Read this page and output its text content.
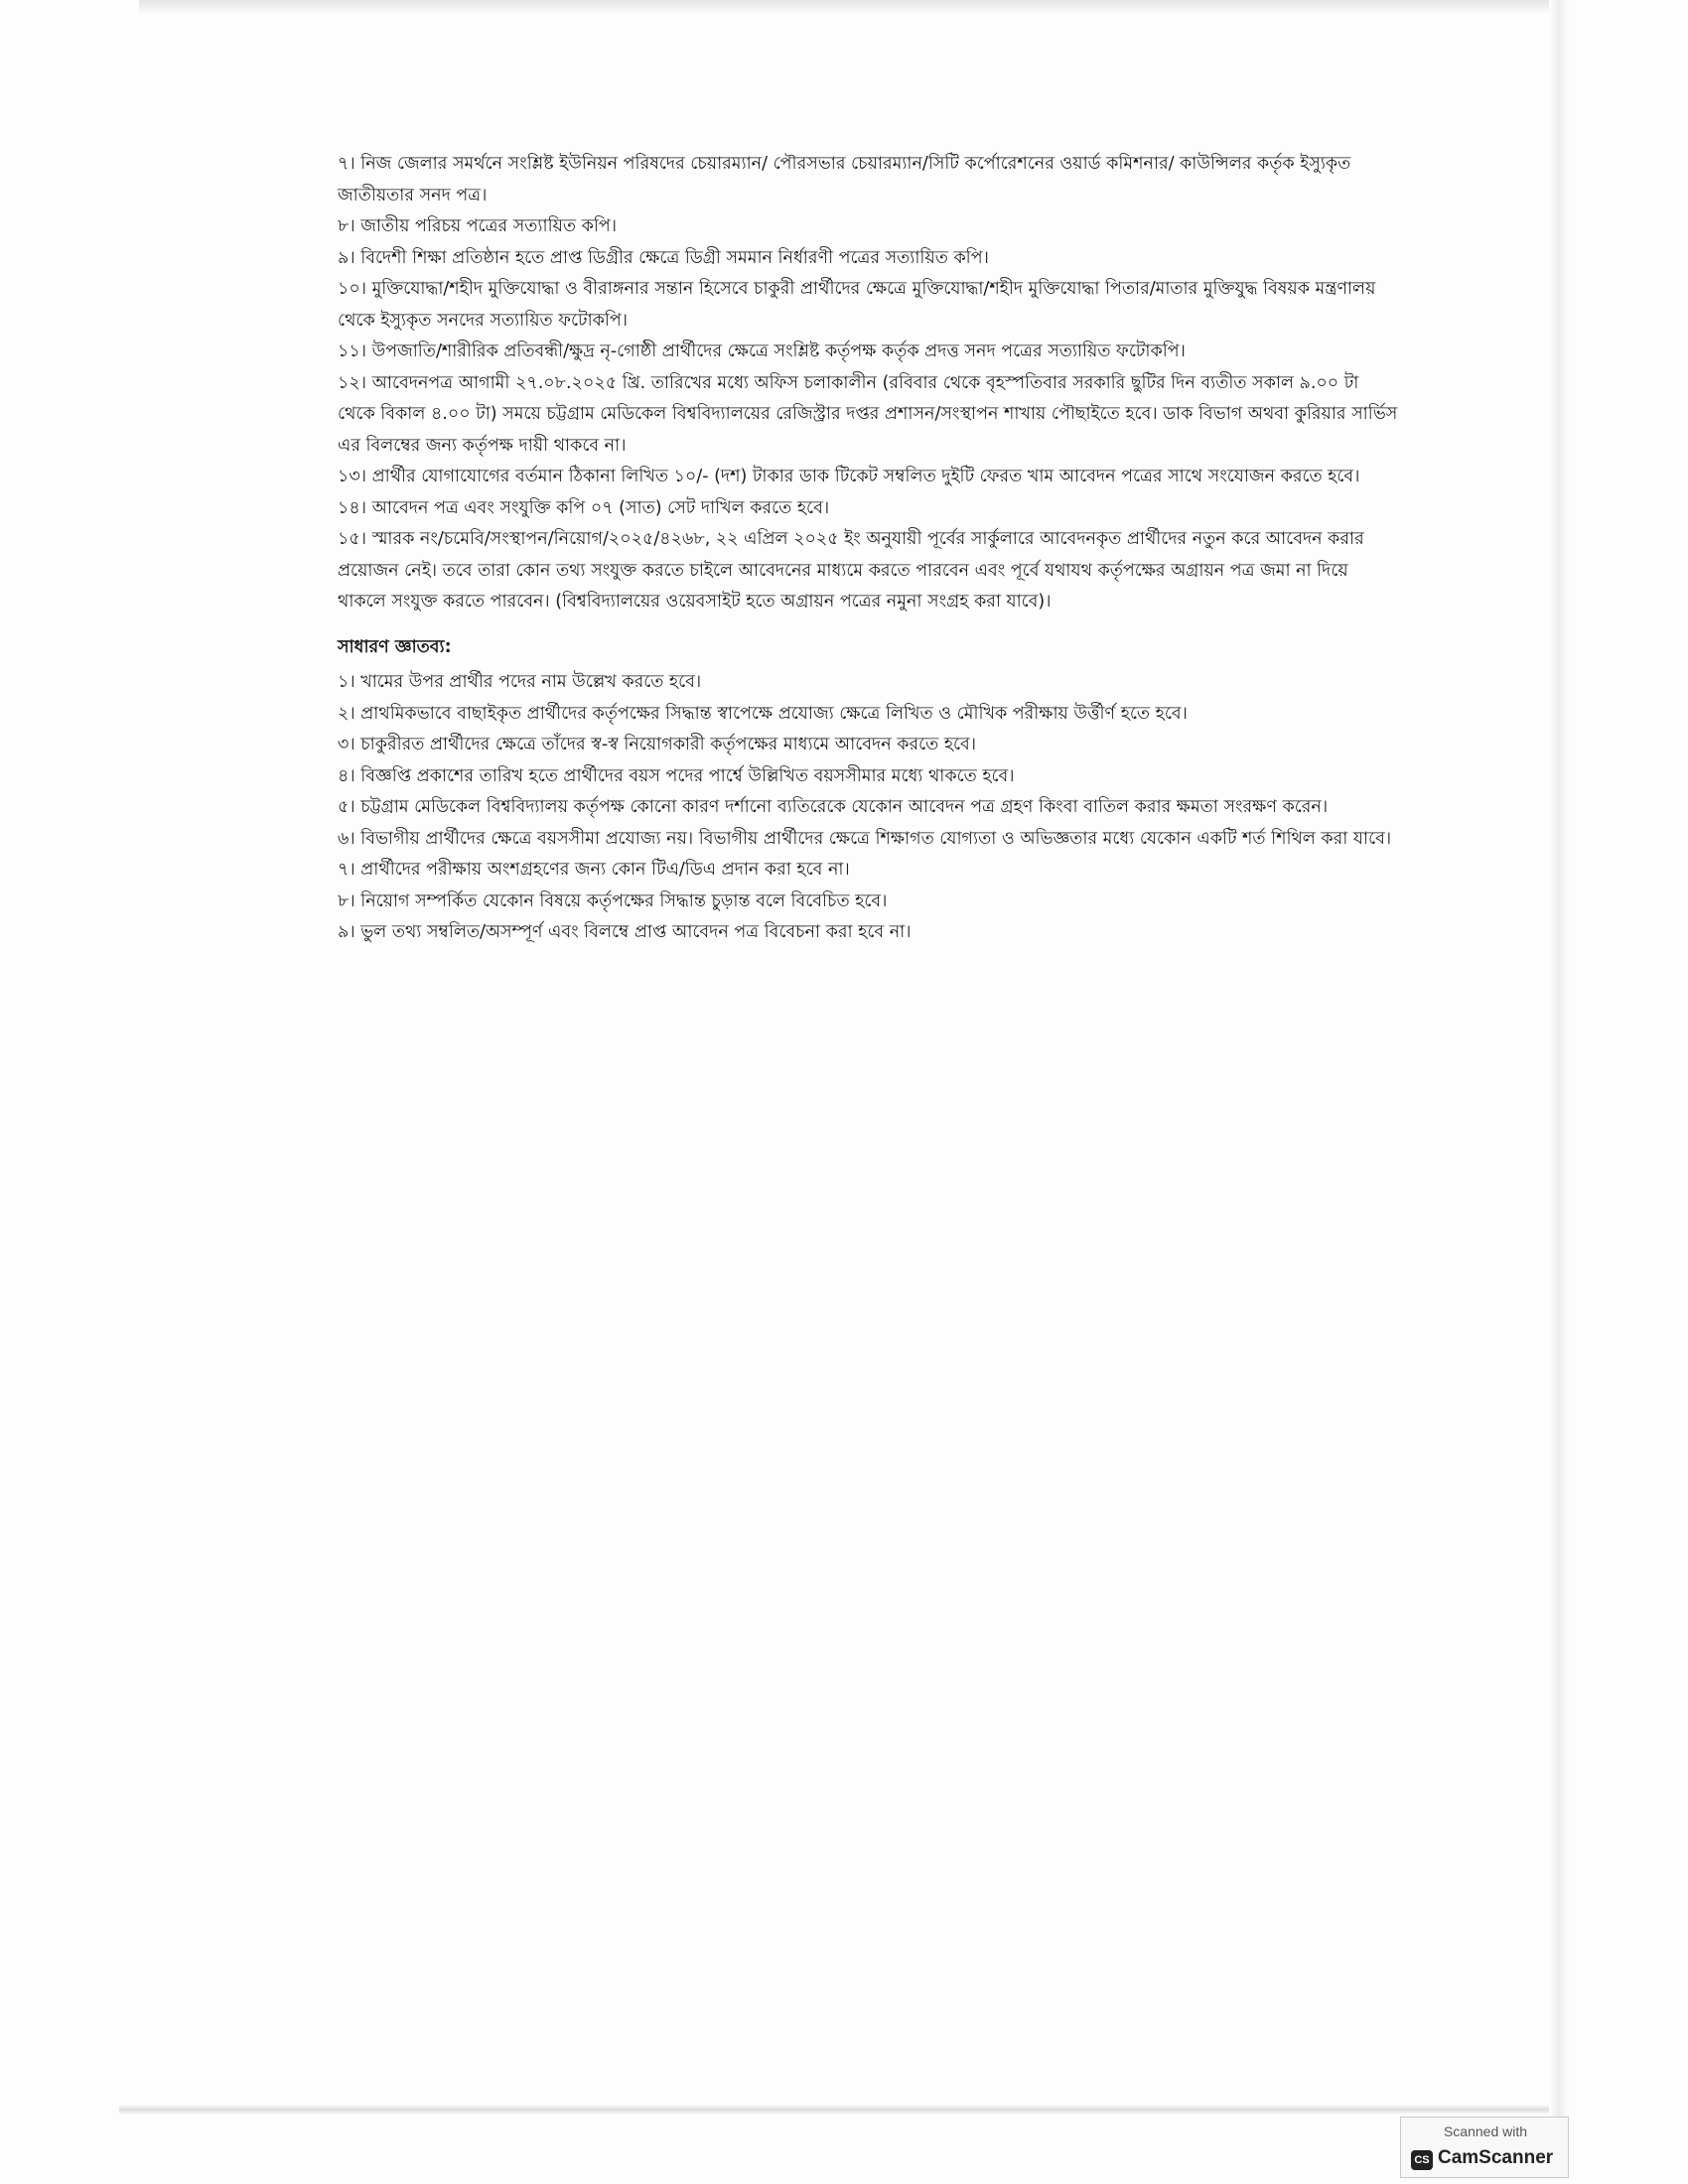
৭। নিজ জেলার সমর্থনে সংশ্লিষ্ট ইউনিয়ন পরিষদের চেয়ারম্যান/ পৌরসভার চেয়ারম্যান/সিটি কর্পোরেশনের ওয়ার্ড কমিশনার/ কাউন্সিলর কর্তৃক ইস্যুকৃত জাতীয়তার সনদ পত্র।

৮। জাতীয় পরিচয় পত্রের সত্যায়িত কপি।

৯। বিদেশী শিক্ষা প্রতিষ্ঠান হতে প্রাপ্ত ডিগ্রীর ক্ষেত্রে ডিগ্রী সমমান নির্ধারণী পত্রের সত্যায়িত কপি।

১০। মুক্তিযোদ্ধা/শহীদ মুক্তিযোদ্ধা ও বীরাঙ্গনার সন্তান হিসেবে চাকুরী প্রার্থীদের ক্ষেত্রে মুক্তিযোদ্ধা/শহীদ মুক্তিযোদ্ধা পিতার/মাতার মুক্তিযুদ্ধ বিষয়ক মন্ত্রণালয় থেকে ইস্যুকৃত সনদের সত্যায়িত ফটোকপি।

১১। উপজাতি/শারীরিক প্রতিবন্ধী/ক্ষুদ্র নৃ-গোষ্ঠী প্রার্থীদের ক্ষেত্রে সংশ্লিষ্ট কর্তৃপক্ষ কর্তৃক প্রদত্ত সনদ পত্রের সত্যায়িত ফটোকপি।

১২। আবেদনপত্র আগামী ২৭.০৮.২০২৫ খ্রি. তারিখের মধ্যে অফিস চলাকালীন (রবিবার থেকে বৃহস্পতিবার সরকারি ছুটির দিন ব্যতীত সকাল ৯.০০ টা থেকে বিকাল ৪.০০ টা) সময়ে চট্টগ্রাম মেডিকেল বিশ্ববিদ্যালয়ের রেজিস্ট্রার দপ্তর প্রশাসন/সংস্থাপন শাখায় পৌছাইতে হবে। ডাক বিভাগ অথবা কুরিয়ার সার্ভিস এর বিলম্বের জন্য কর্তৃপক্ষ দায়ী থাকবে না।

১৩। প্রার্থীর যোগাযোগের বর্তমান ঠিকানা লিখিত ১০/- (দশ) টাকার ডাক টিকেট সম্বলিত দুইটি ফেরত খাম আবেদন পত্রের সাথে সংযোজন করতে হবে।

১৪। আবেদন পত্র এবং সংযুক্তি কপি ০৭ (সাত) সেট দাখিল করতে হবে।

১৫। স্মারক নং/চমেবি/সংস্থাপন/নিয়োগ/২০২৫/৪২৬৮, ২২ এপ্রিল ২০২৫ ইং অনুযায়ী পূর্বের সার্কুলারে আবেদনকৃত প্রার্থীদের নতুন করে আবেদন করার প্রয়োজন নেই। তবে তারা কোন তথ্য সংযুক্ত করতে চাইলে আবেদনের মাধ্যমে করতে পারবেন এবং পূর্বে যথাযথ কর্তৃপক্ষের অগ্রায়ন পত্র জমা না দিয়ে থাকলে সংযুক্ত করতে পারবেন। (বিশ্ববিদ্যালয়ের ওয়েবসাইট হতে অগ্রায়ন পত্রের নমুনা সংগ্রহ করা যাবে)।

সাধারণ জ্ঞাতব্য:

১। খামের উপর প্রার্থীর পদের নাম উল্লেখ করতে হবে।

২। প্রাথমিকভাবে বাছাইকৃত প্রার্থীদের কর্তৃপক্ষের সিদ্ধান্ত স্বাপেক্ষে প্রযোজ্য ক্ষেত্রে লিখিত ও মৌখিক পরীক্ষায় উর্ত্তীর্ণ হতে হবে।

৩। চাকুরীরত প্রার্থীদের ক্ষেত্রে তাঁদের স্ব-স্ব নিয়োগকারী কর্তৃপক্ষের মাধ্যমে আবেদন করতে হবে।

৪। বিজ্ঞপ্তি প্রকাশের তারিখ হতে প্রার্থীদের বয়স পদের পার্শ্বে উল্লিখিত বয়সসীমার মধ্যে থাকতে হবে।

৫। চট্টগ্রাম মেডিকেল বিশ্ববিদ্যালয় কর্তৃপক্ষ কোনো কারণ দর্শানো ব্যতিরেকে যেকোন আবেদন পত্র গ্রহণ কিংবা বাতিল করার ক্ষমতা সংরক্ষণ করেন।

৬। বিভাগীয় প্রার্থীদের ক্ষেত্রে বয়সসীমা প্রযোজ্য নয়। বিভাগীয় প্রার্থীদের ক্ষেত্রে শিক্ষাগত যোগ্যতা ও অভিজ্ঞতার মধ্যে যেকোন একটি শর্ত শিথিল করা যাবে।

৭। প্রার্থীদের পরীক্ষায় অংশগ্রহণের জন্য কোন টিএ/ডিএ প্রদান করা হবে না।

৮। নিয়োগ সম্পর্কিত যেকোন বিষয়ে কর্তৃপক্ষের সিদ্ধান্ত চুড়ান্ত বলে বিবেচিত হবে।

৯। ভুল তথ্য সম্বলিত/অসম্পূর্ণ এবং বিলম্বে প্রাপ্ত আবেদন পত্র বিবেচনা করা হবে না।

Scanned with
CS CamScanner
